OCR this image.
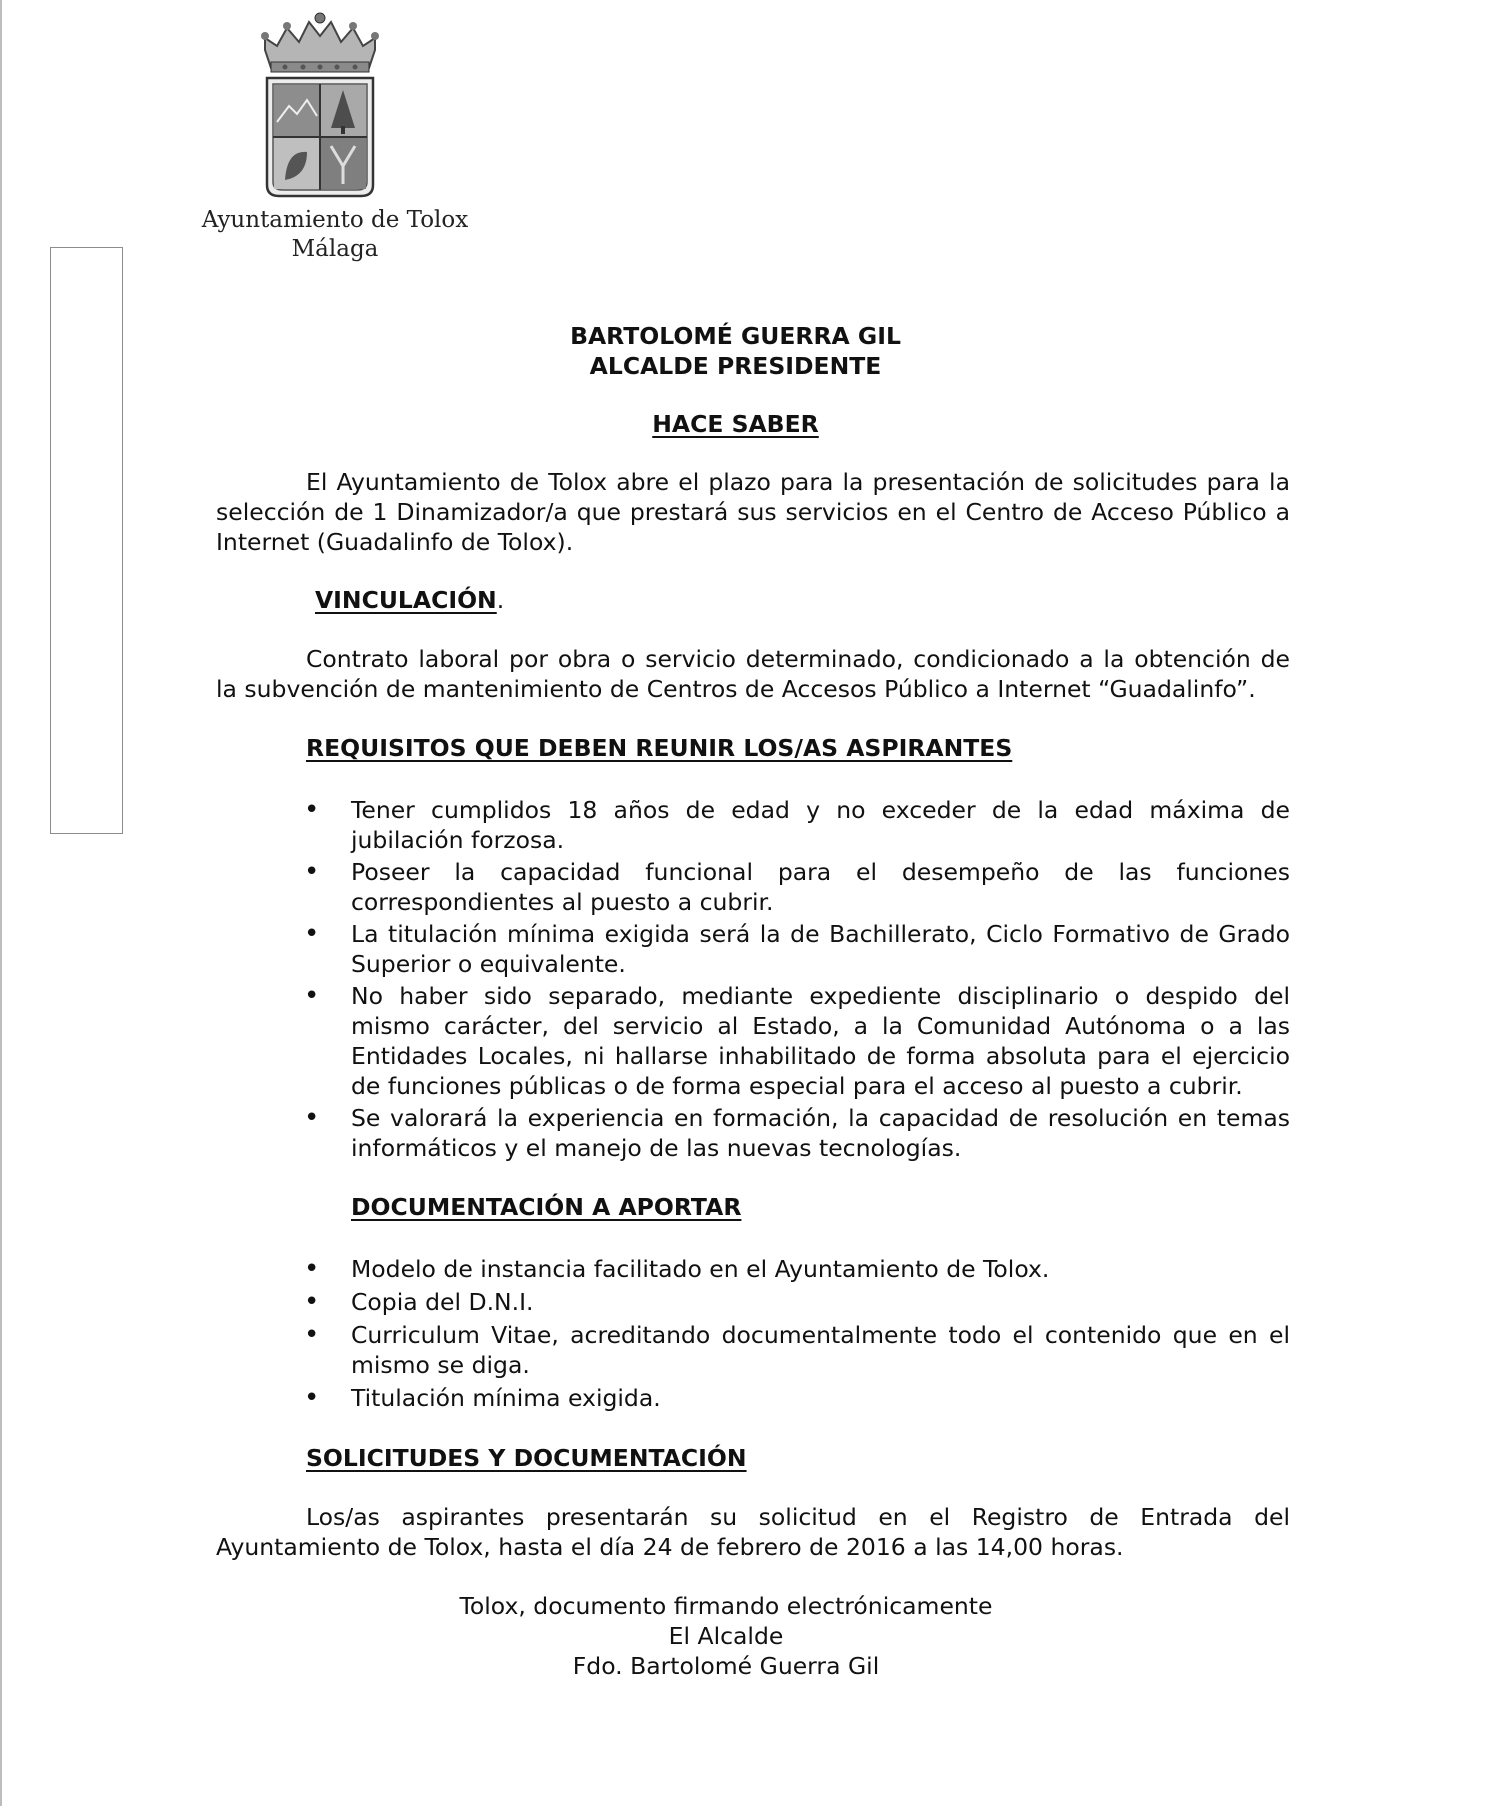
Ayuntamiento de Tolox
Málaga
BARTOLOMÉ GUERRA GIL
ALCALDE PRESIDENTE
HACE SABER

El Ayuntamiento de Tolox abre el plazo para la presentación de solicitudes para la selección de 1 Dinamizador/a que prestará sus servicios en el Centro de Acceso Público a Internet (Guadalinfo de Tolox).

VINCULACIÓN.

Contrato laboral por obra o servicio determinado, condicionado a la obtención de la subvención de mantenimiento de Centros de Accesos Público a Internet “Guadalinfo”.

REQUISITOS QUE DEBEN REUNIR LOS/AS ASPIRANTES
• Tener cumplidos 18 años de edad y no exceder de la edad máxima de jubilación forzosa.
• Poseer la capacidad funcional para el desempeño de las funciones correspondientes al puesto a cubrir.
• La titulación mínima exigida será la de Bachillerato, Ciclo Formativo de Grado Superior o equivalente.
• No haber sido separado, mediante expediente disciplinario o despido del mismo carácter, del servicio al Estado, a la Comunidad Autónoma o a las Entidades Locales, ni hallarse inhabilitado de forma absoluta para el ejercicio de funciones públicas o de forma especial para el acceso al puesto a cubrir.
• Se valorará la experiencia en formación, la capacidad de resolución en temas informáticos y el manejo de las nuevas tecnologías.
DOCUMENTACIÓN A APORTAR
• Modelo de instancia facilitado en el Ayuntamiento de Tolox.
• Copia del D.N.I.
• Curriculum Vitae, acreditando documentalmente todo el contenido que en el mismo se diga.
• Titulación mínima exigida.
SOLICITUDES Y DOCUMENTACIÓN

Los/as aspirantes presentarán su solicitud en el Registro de Entrada del Ayuntamiento de Tolox, hasta el día 24 de febrero de 2016 a las 14,00 horas.

Tolox, documento firmando electrónicamente
El Alcalde
Fdo. Bartolomé Guerra Gil
